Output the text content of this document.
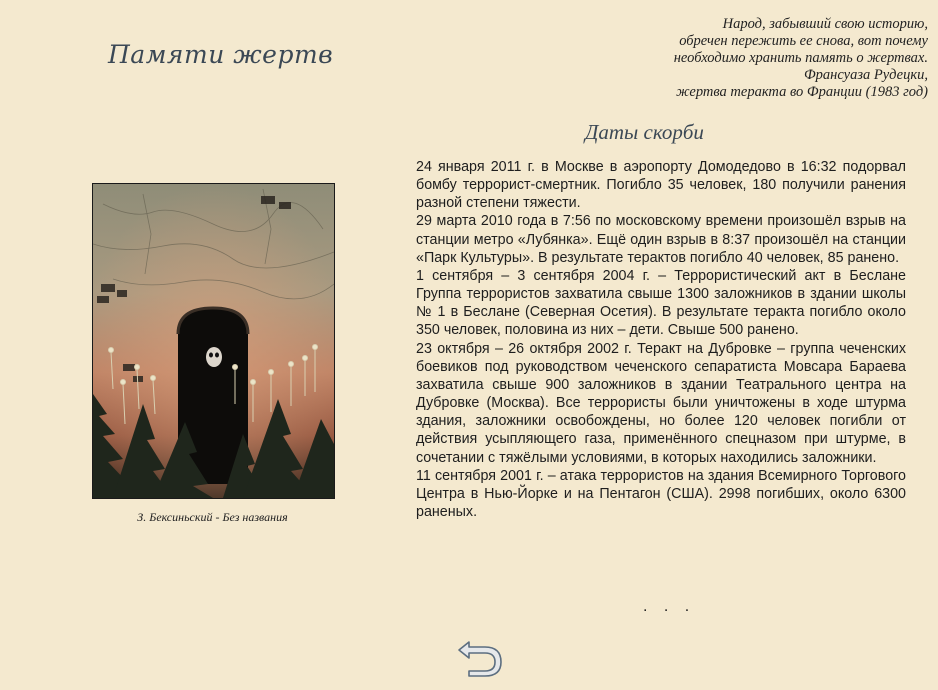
Памяти жертв
Народ, забывший свою историю,
обречен пережить ее снова, вот почему
необходимо хранить память о жертвах.
Франсуаза Рудецки,
жертва теракта во Франции (1983 год)
Даты скорби
З. Бексиньский - Без названия

24 января 2011 г. в Москве в аэропорту Домодедово в 16:32 подорвал бомбу террорист-смертник. Погибло 35 человек, 180 получили ранения разной степени тяжести.

29 марта 2010 года в 7:56 по московскому времени произошёл взрыв на станции метро «Лубянка». Ещё один взрыв в 8:37 произошёл на станции «Парк Культуры». В результате терактов погибло 40 человек, 85 ранено.

1 сентября – 3 сентября 2004 г. – Террористический акт в Беслане Группа террористов захватила свыше 1300 заложников в здании школы № 1 в Беслане (Северная Осетия). В результате теракта погибло около 350 человек, половина из них – дети. Свыше 500 ранено.

23 октября – 26 октября 2002 г. Теракт на Дубровке – группа чеченских боевиков под руководством чеченского сепаратиста Мовсара Бараева захватила свыше 900 заложников в здании Театрального центра на Дубровке (Москва). Все террористы были уничтожены в ходе штурма здания, заложники освобождены, но более 120 человек погибли от действия усыпляющего газа, применённого спецназом при штурме, в сочетании с тяжёлыми условиями, в которых находились заложники.

11 сентября 2001 г. – атака террористов на здания Всемирного Торгового Центра в Нью-Йорке и на Пентагон (США). 2998 погибших, около 6300 раненых.

. . .
